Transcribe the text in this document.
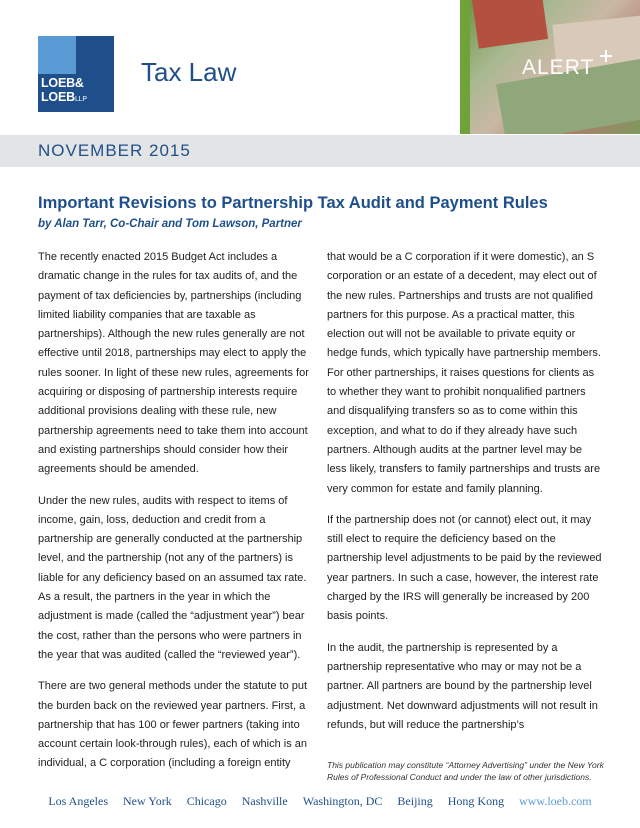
LOEB&
LOEBLLP
Tax Law	ALERT
NOVEMBER 2015
Important Revisions to Partnership Tax Audit and Payment Rules
by Alan Tarr, Co-Chair and Tom Lawson, Partner

The recently enacted 2015 Budget Act includes a dramatic change in the rules for tax audits of, and the payment of tax deficiencies by, partnerships (including limited liability companies that are taxable as partnerships). Although the new rules generally are not effective until 2018, partnerships may elect to apply the rules sooner. In light of these new rules, agreements for acquiring or disposing of partnership interests require additional provisions dealing with these rule, new partnership agreements need to take them into account and existing partnerships should consider how their agreements should be amended.

Under the new rules, audits with respect to items of income, gain, loss, deduction and credit from a partnership are generally conducted at the partnership level, and the partnership (not any of the partners) is liable for any deficiency based on an assumed tax rate. As a result, the partners in the year in which the adjustment is made (called the “adjustment year”) bear the cost, rather than the persons who were partners in the year that was audited (called the “reviewed year”).

There are two general methods under the statute to put the burden back on the reviewed year partners. First, a partnership that has 100 or fewer partners (taking into account certain look-through rules), each of which is an individual, a C corporation (including a foreign entity

that would be a C corporation if it were domestic), an S corporation or an estate of a decedent, may elect out of the new rules. Partnerships and trusts are not qualified partners for this purpose. As a practical matter, this election out will not be available to private equity or hedge funds, which typically have partnership members. For other partnerships, it raises questions for clients as to whether they want to prohibit nonqualified partners and disqualifying transfers so as to come within this exception, and what to do if they already have such partners. Although audits at the partner level may be less likely, transfers to family partnerships and trusts are very common for estate and family planning.

If the partnership does not (or cannot) elect out, it may still elect to require the deficiency based on the partnership level adjustments to be paid by the reviewed year partners. In such a case, however, the interest rate charged by the IRS will generally be increased by 200 basis points.

In the audit, the partnership is represented by a partnership representative who may or may not be a partner. All partners are bound by the partnership level adjustment. Net downward adjustments will not result in refunds, but will reduce the partnership’s

This publication may constitute “Attorney Advertising” under the New York Rules of Professional Conduct and under the law of other jurisdictions.
Los Angeles New York Chicago Nashville Washington, DC Beijing Hong Kong www.loeb.com
